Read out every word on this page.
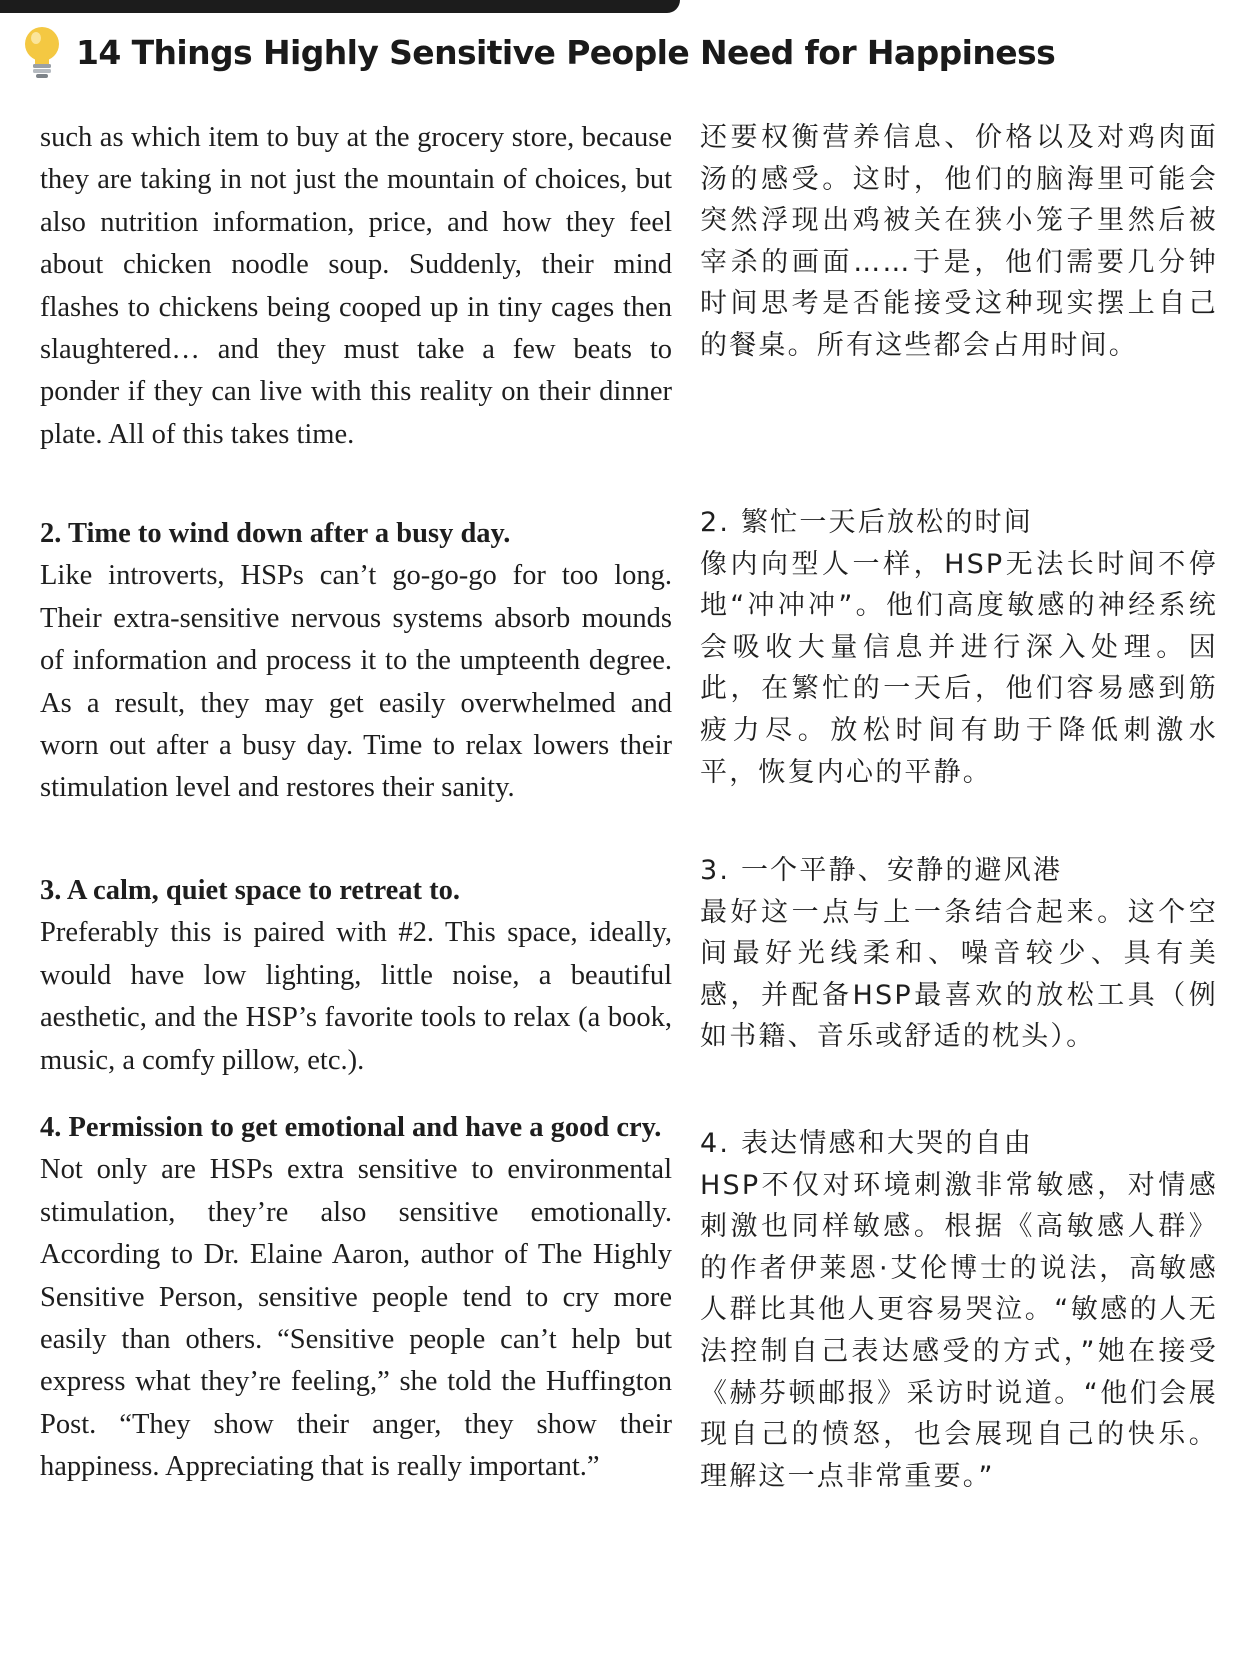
14 Things Highly Sensitive People Need for Happiness

such as which item to buy at the grocery store, because they are taking in not just the mountain of choices, but also nutrition information, price, and how they feel about chicken noodle soup. Suddenly, their mind flashes to chickens being cooped up in tiny cages then slaughtered… and they must take a few beats to ponder if they can live with this reality on their dinner plate. All of this takes time.

2. Time to wind down after a busy day.

Like introverts, HSPs can’t go-go-go for too long. Their extra-sensitive nervous systems absorb mounds of information and process it to the umpteenth degree. As a result, they may get easily overwhelmed and worn out after a busy day. Time to relax lowers their stimulation level and restores their sanity.

3. A calm, quiet space to retreat to.

Preferably this is paired with #2. This space, ideally, would have low lighting, little noise, a beautiful aesthetic, and the HSP’s favorite tools to relax (a book, music, a comfy pillow, etc.).

4. Permission to get emotional and have a good cry.

Not only are HSPs extra sensitive to environmental stimulation, they’re also sensitive emotionally. According to Dr. Elaine Aaron, author of The Highly Sensitive Person, sensitive people tend to cry more easily than others. “Sensitive people can’t help but express what they’re feeling,” she told the Huffington Post. “They show their anger, they show their happiness. Appreciating that is really important.”

还要权衡营养信息、价格以及对鸡肉面汤的感受。这时，他们的脑海里可能会突然浮现出鸡被关在狭小笼子里然后被宰杀的画面……于是，他们需要几分钟时间思考是否能接受这种现实摆上自己的餐桌。所有这些都会占用时间。

2. 繁忙一天后放松的时间

像内向型人一样，HSP无法长时间不停地“冲冲冲”。他们高度敏感的神经系统会吸收大量信息并进行深入处理。因此，在繁忙的一天后，他们容易感到筋疲力尽。放松时间有助于降低刺激水平，恢复内心的平静。

3. 一个平静、安静的避风港

最好这一点与上一条结合起来。这个空间最好光线柔和、噪音较少、具有美感，并配备HSP最喜欢的放松工具（例如书籍、音乐或舒适的枕头）。

4. 表达情感和大哭的自由

HSP不仅对环境刺激非常敏感，对情感刺激也同样敏感。根据《高敏感人群》的作者伊莱恩·艾伦博士的说法，高敏感人群比其他人更容易哭泣。“敏感的人无法控制自己表达感受的方式，”她在接受《赫芬顿邮报》采访时说道。“他们会展现自己的愤怒，也会展现自己的快乐。理解这一点非常重要。”
